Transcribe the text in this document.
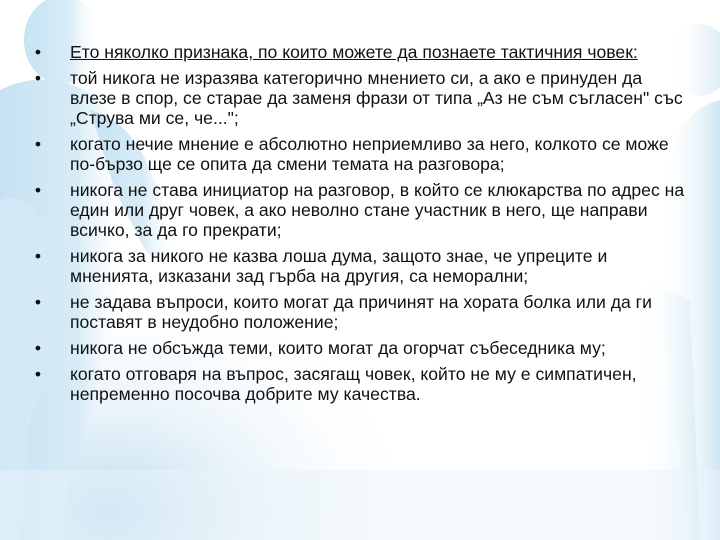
•	Ето няколко признака, по които можете да познаете тактичния човек:
•	той никога не изразява категорично мнението си, а ако е принуден да влезе в спор, се старае да заменя фрази от типа „Аз не съм съгласен" със „Струва ми се, че...";
•	когато нечие мнение е абсолютно неприемливо за него, колкото се може по-бързо ще се опита да смени темата на разговора;
•	никога не става инициатор на разговор, в който се клюкарства по адрес на един или друг човек, а ако неволно стане участник в него, ще направи всичко, за да го прекрати;
•	никога за никого не казва лоша дума, защото знае, че упреците и мненията, изказани зад гърба на другия, са неморални;
•	не задава въпроси, които могат да причинят на хората болка или да ги поставят в неудобно положение;
•	никога не обсъжда теми, които могат да огорчат събеседника му;
•	когато отговаря на въпрос, засягащ човек, който не му е симпатичен, непременно посочва добрите му качества.
